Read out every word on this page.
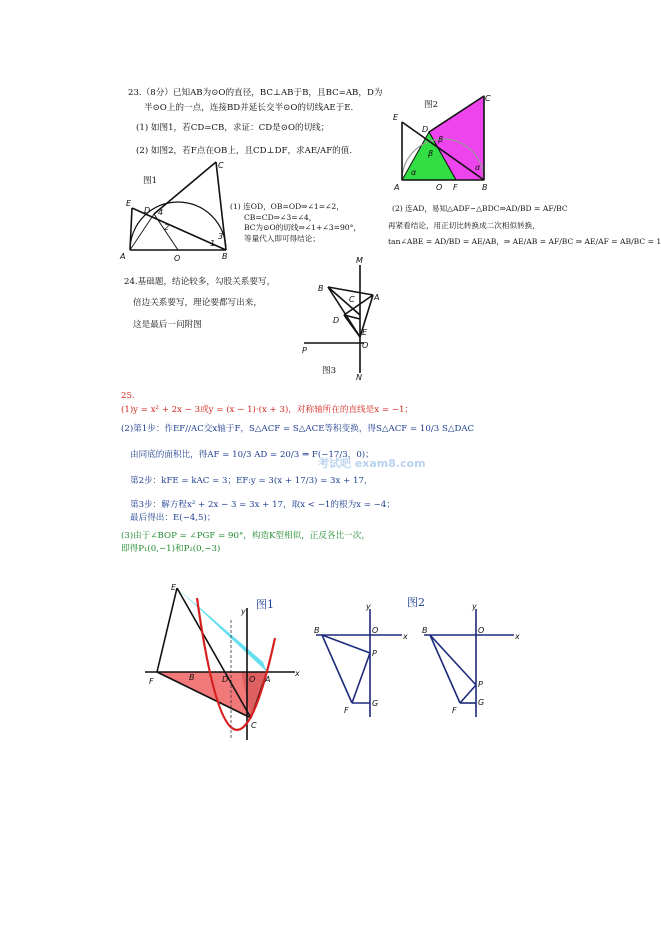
23.（8分）已知AB为⊙O的直径，BC⊥AB于B，且BC=AB，D为
半⊙O上的一点，连接BD并延长交半⊙O的切线AE于E.
(1) 如图1，若CD=CB，求证：CD是⊙O的切线；
(2) 如图2，若F点在OB上，且CD⊥DF，求AE/AF的值.
图1
C
E
D
A	O	B
4
2
1
3
(1) 连OD，OB=OD⇒∠1=∠2，
CB=CD⇒∠3=∠4，
BC为⊙O的切线⇒∠1+∠3=90°，
等量代入即可得结论；
图2
C
E
D
A	O F	B
α
α
β
β
(2) 连AD，易知△ADF∽△BDC⇒AD/BD = AF/BC
再紧看结论，用正切比转换成二次相似转换，
tan∠ABE = AD/BD = AE/AB，⇒ AE/AB = AF/BC ⇒ AE/AF = AB/BC = 1
24.基础题，结论较多，勾股关系要写，
倍边关系要写，理论要都写出来，
这是最后一问附图
M
B
C A
D
E
O
P
N
图3
25.
(1)y = x² + 2x − 3或y = (x − 1)·(x + 3)，对称轴所在的直线是x = −1；
(2)第1步：作EF//AC交x轴于F，S△ACF = S△ACE等积变换，得S△ACF = 10/3 S△DAC
由同底的面积比，得AF = 10/3 AD = 20/3 ⇒ F(−17/3，0)；
第2步：kFE = kAC = 3；EF:y = 3(x + 17/3) = 3x + 17，
第3步：解方程x² + 2x − 3 = 3x + 17，取x < −1的根为x = −4；
最后得出：E(−4,5)；
(3)由于∠BOP = ∠PGF = 90°，构造K型相似，正反各比一次，
即得P₁(0,−1)和P₂(0,−3)
考试吧 exam8.com
E
y
F	B	D	O A
x
C
图1	图2
B
y
O
x
P
F
G
B
y
O
x
P
F
G
